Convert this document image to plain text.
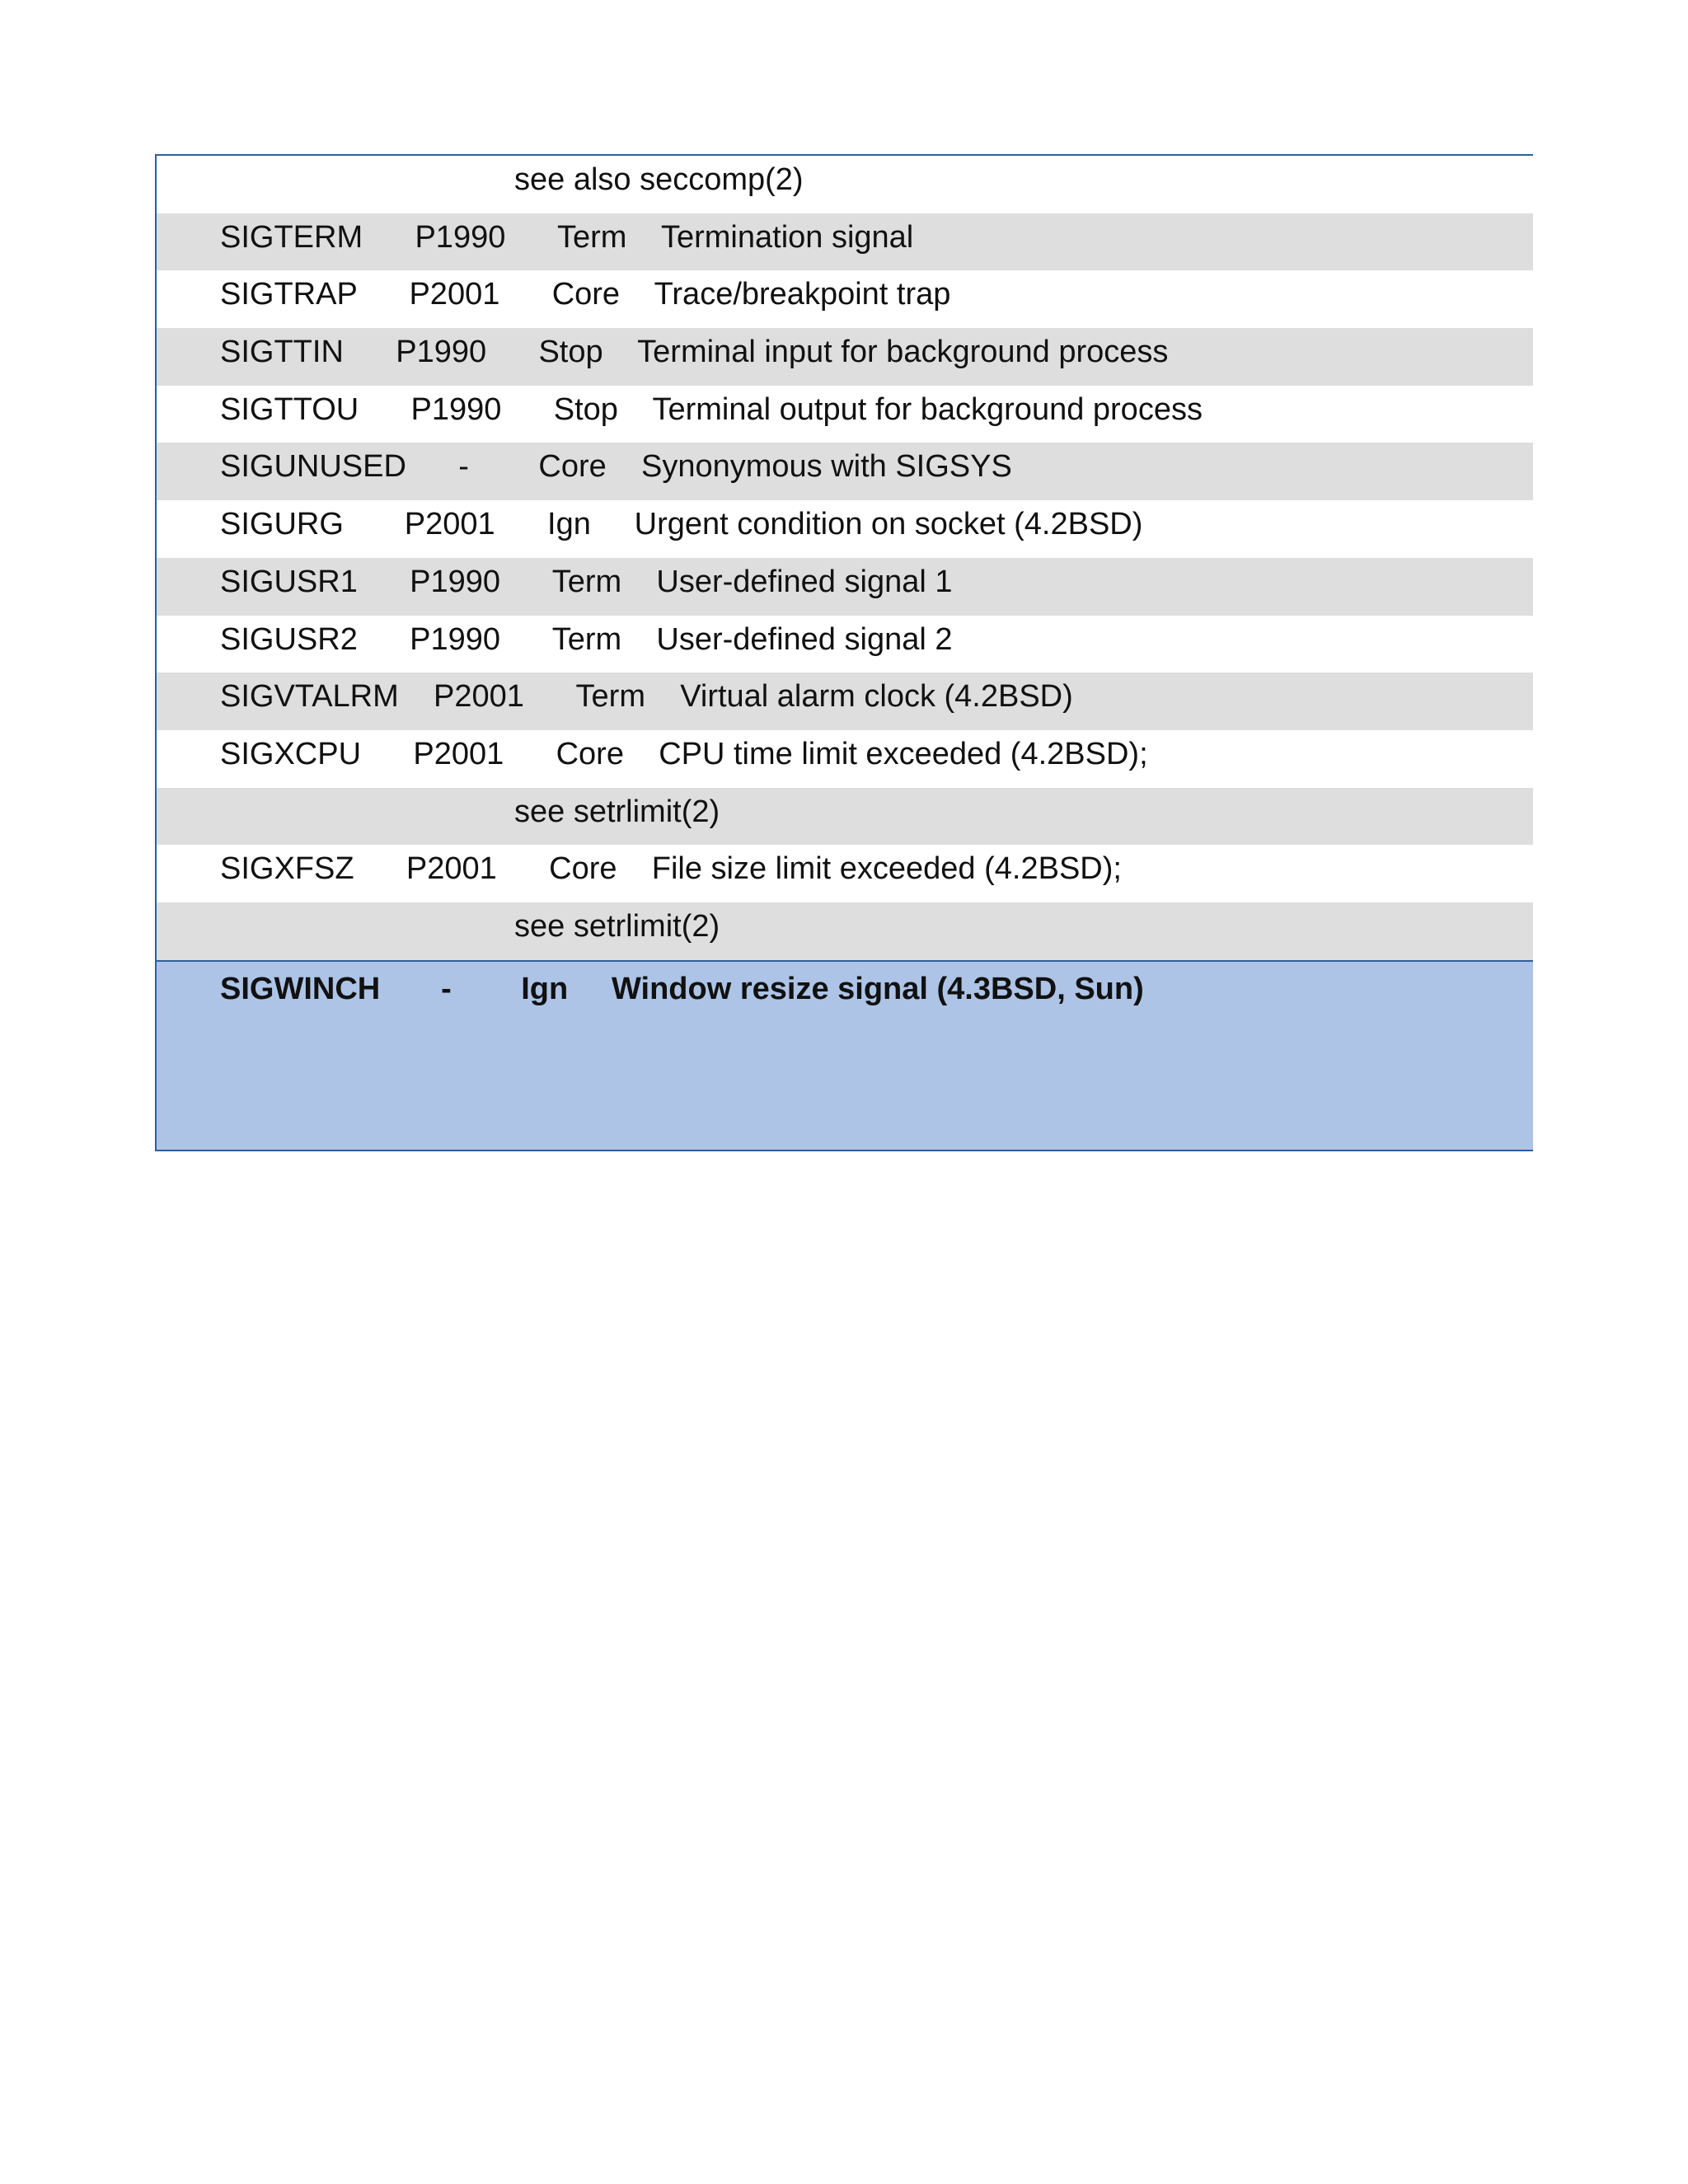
see also seccomp(2)

SIGTERM      P1990      Term    Termination signal

SIGTRAP      P2001      Core    Trace/breakpoint trap

SIGTTIN      P1990      Stop    Terminal input for background process

SIGTTOU      P1990      Stop    Terminal output for background process

SIGUNUSED      -        Core    Synonymous with SIGSYS

SIGURG       P2001      Ign     Urgent condition on socket (4.2BSD)

SIGUSR1      P1990      Term    User-defined signal 1

SIGUSR2      P1990      Term    User-defined signal 2

SIGVTALRM    P2001      Term    Virtual alarm clock (4.2BSD)

SIGXCPU      P2001      Core    CPU time limit exceeded (4.2BSD);

see setrlimit(2)

SIGXFSZ      P2001      Core    File size limit exceeded (4.2BSD);

see setrlimit(2)

SIGWINCH       -        Ign     Window resize signal (4.3BSD, Sun)
